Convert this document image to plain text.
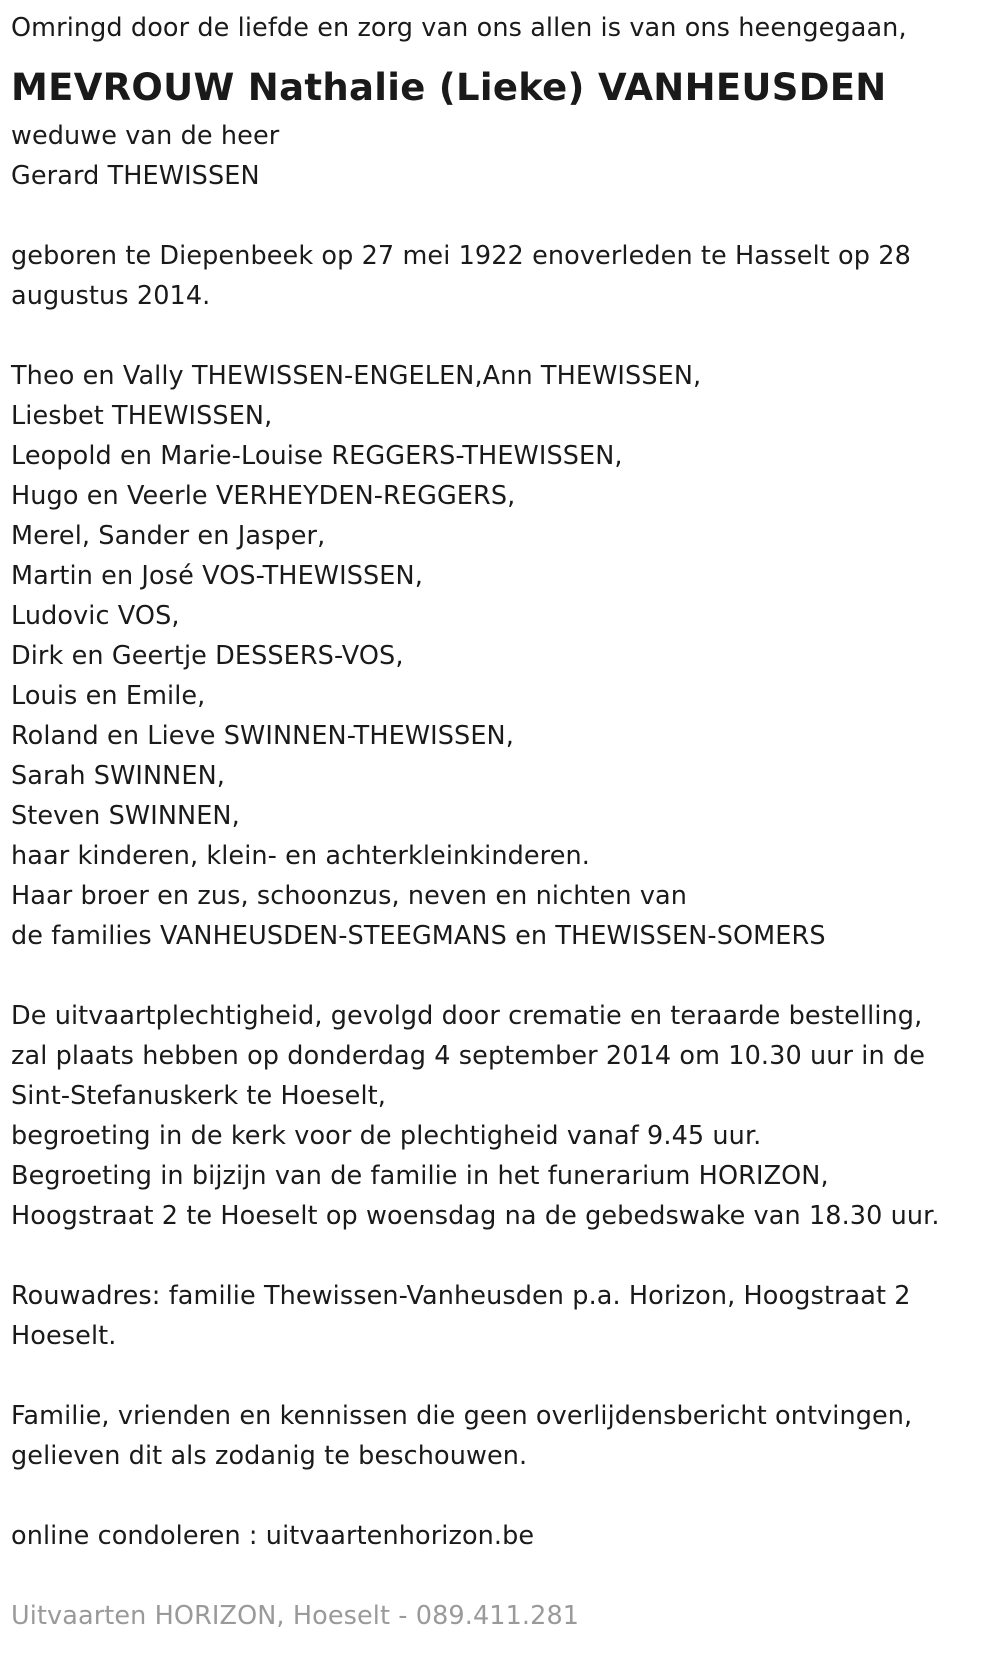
Omringd door de liefde en zorg van ons allen is van ons heengegaan,
MEVROUW Nathalie (Lieke) VANHEUSDEN
weduwe van de heer
Gerard THEWISSEN
geboren te Diepenbeek op 27 mei 1922 enoverleden te Hasselt op 28
augustus 2014.
Theo en Vally THEWISSEN-ENGELEN,Ann THEWISSEN,
Liesbet THEWISSEN,
Leopold en Marie-Louise REGGERS-THEWISSEN,
Hugo en Veerle VERHEYDEN-REGGERS,
Merel, Sander en Jasper,
Martin en José VOS-THEWISSEN,
Ludovic VOS,
Dirk en Geertje DESSERS-VOS,
Louis en Emile,
Roland en Lieve SWINNEN-THEWISSEN,
Sarah SWINNEN,
Steven SWINNEN,
haar kinderen, klein- en achterkleinkinderen.
Haar broer en zus, schoonzus, neven en nichten van
de families VANHEUSDEN-STEEGMANS en THEWISSEN-SOMERS
De uitvaartplechtigheid, gevolgd door crematie en teraarde bestelling,
zal plaats hebben op donderdag 4 september 2014 om 10.30 uur in de
Sint-Stefanuskerk te Hoeselt,
begroeting in de kerk voor de plechtigheid vanaf 9.45 uur.
Begroeting in bijzijn van de familie in het funerarium HORIZON,
Hoogstraat 2 te Hoeselt op woensdag na de gebedswake van 18.30 uur.
Rouwadres: familie Thewissen-Vanheusden p.a. Horizon, Hoogstraat 2
Hoeselt.
Familie, vrienden en kennissen die geen overlijdensbericht ontvingen,
gelieven dit als zodanig te beschouwen.
online condoleren : uitvaartenhorizon.be
Uitvaarten HORIZON, Hoeselt - 089.411.281
